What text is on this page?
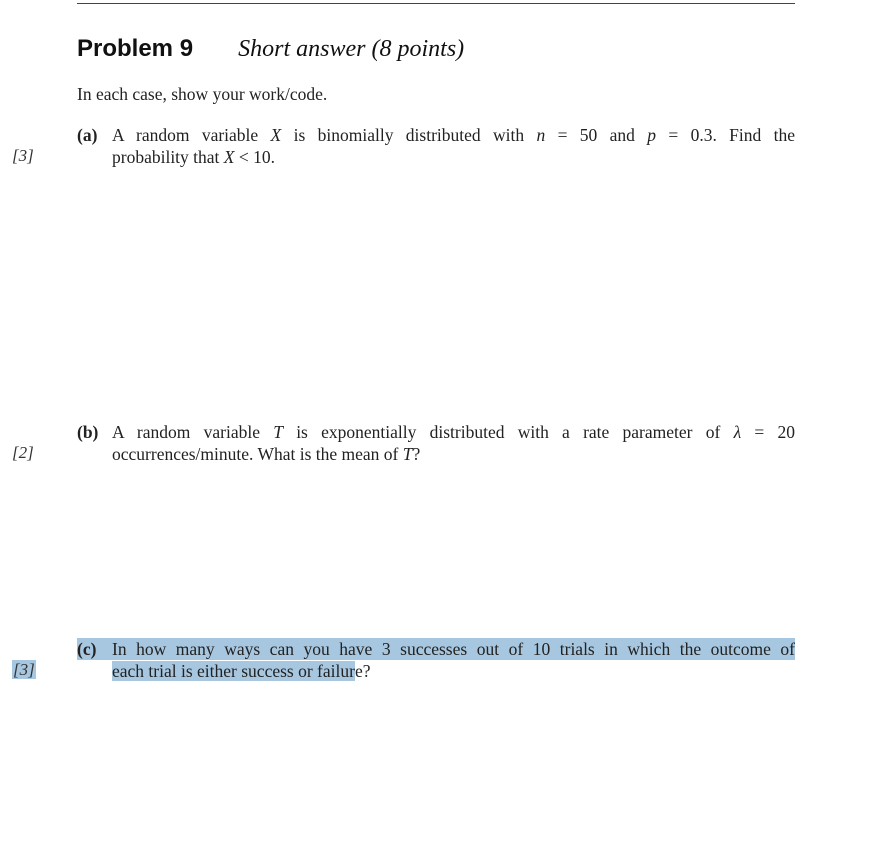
Problem 9 Short answer (8 points)
In each case, show your work/code.
[3]
(a) A random variable X is binomially distributed with n = 50 and p = 0.3. Find the
probability that X < 10.
[2]
(b) A random variable T is exponentially distributed with a rate parameter of λ = 20
occurrences/minute. What is the mean of T?
[3]
(c) In how many ways can you have 3 successes out of 10 trials in which the outcome of
each trial is either success or failure?
